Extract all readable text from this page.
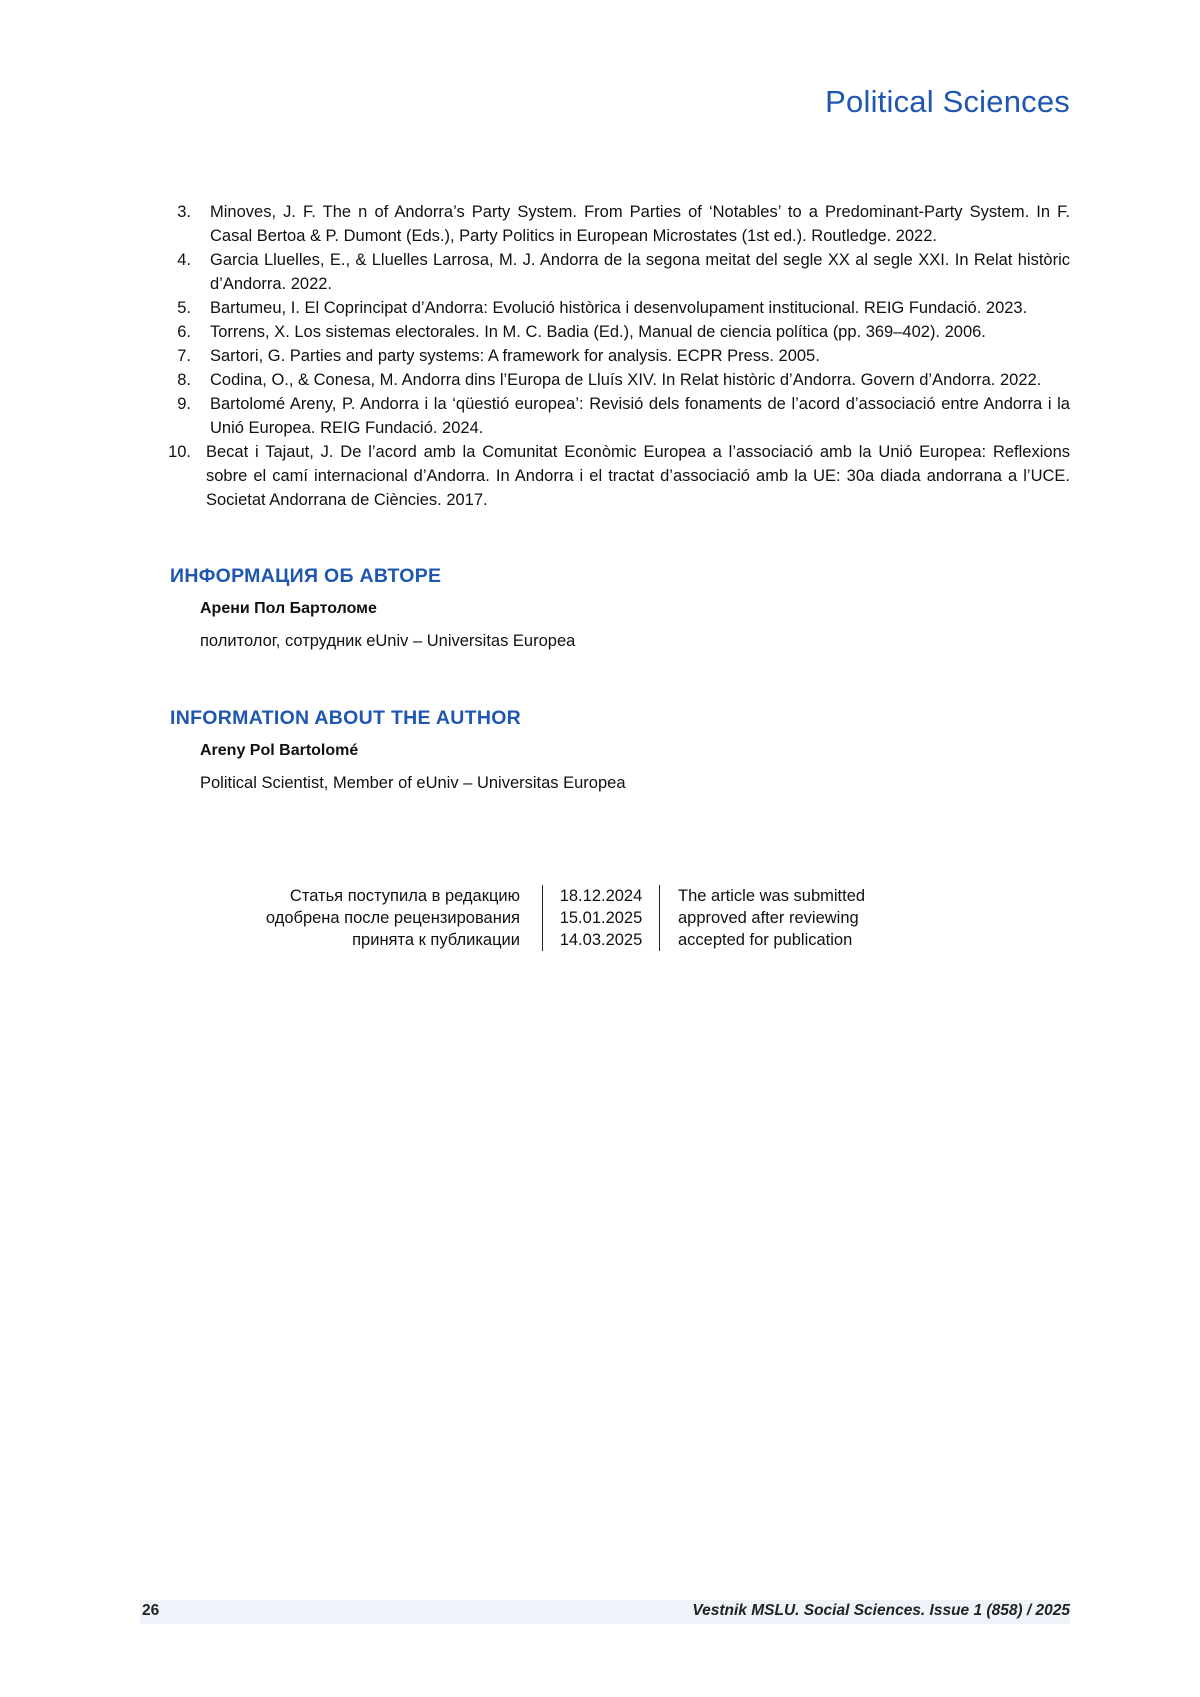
Political Sciences
3. Minoves, J. F. The n of Andorra’s Party System. From Parties of ‘Notables’ to a Predominant-Party System. In F. Casal Bertoa & P. Dumont (Eds.), Party Politics in European Microstates (1st ed.). Routledge. 2022.
4. Garcia Lluelles, E., & Lluelles Larrosa, M. J. Andorra de la segona meitat del segle XX al segle XXI. In Relat històric d’Andorra. 2022.
5. Bartumeu, I. El Coprincipat d’Andorra: Evolució històrica i desenvolupament institucional. REIG Fundació. 2023.
6. Torrens, X. Los sistemas electorales. In M. C. Badia (Ed.), Manual de ciencia política (pp. 369–402). 2006.
7. Sartori, G. Parties and party systems: A framework for analysis. ECPR Press. 2005.
8. Codina, O., & Conesa, M. Andorra dins l’Europa de Lluís XIV. In Relat històric d’Andorra. Govern d’Andorra. 2022.
9. Bartolomé Areny, P. Andorra i la ‘qüestió europea’: Revisió dels fonaments de l’acord d’associació entre Andorra i la Unió Europea. REIG Fundació. 2024.
10. Becat i Tajaut, J. De l’acord amb la Comunitat Econòmic Europea a l’associació amb la Unió Europea: Reflexions sobre el camí internacional d’Andorra. In Andorra i el tractat d’associació amb la UE: 30a diada andorrana a l’UCE. Societat Andorrana de Ciències. 2017.
ИНФОРМАЦИЯ ОБ АВТОРЕ
Арени Пол Бартоломе
политолог, сотрудник eUniv – Universitas Europea
INFORMATION ABOUT THE AUTHOR
Areny Pol Bartolomé
Political Scientist, Member of eUniv – Universitas Europea
Статья поступила в редакцию
одобрена после рецензирования
принята к публикации
18.12.2024
15.01.2025
14.03.2025
The article was submitted
approved after reviewing
accepted for publication
26	Vestnik MSLU. Social Sciences. Issue 1 (858) / 2025
